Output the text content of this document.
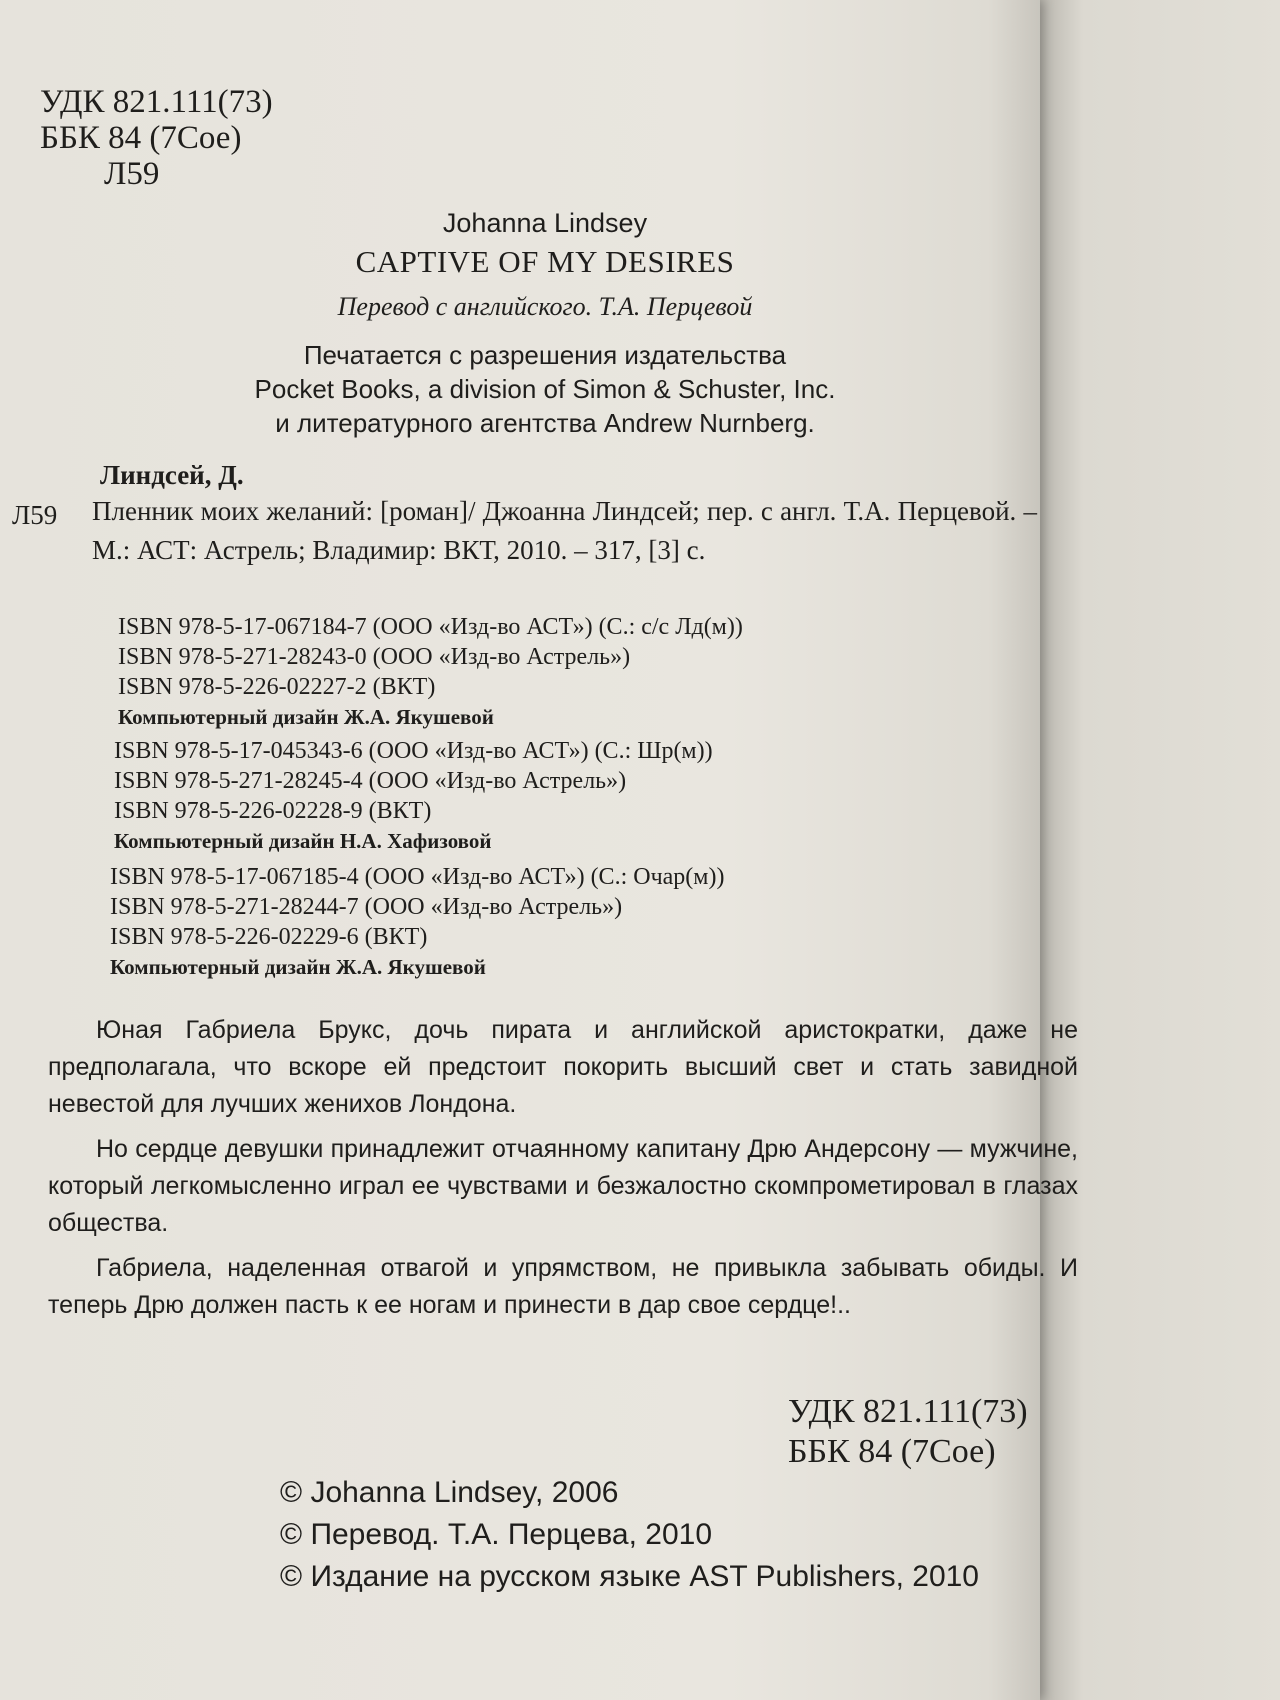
УДК 821.111(73)
ББК 84 (7Сое)
Л59
Johanna Lindsey
CAPTIVE OF MY DESIRES
Перевод с английского. Т.А. Перцевой
Печатается с разрешения издательства
Pocket Books, a division of Simon & Schuster, Inc.
и литературного агентства Andrew Nurnberg.
Линдсей, Д.
Л59 Пленник моих желаний: [роман]/ Джоанна Линдсей; пер. с англ. Т.А. Перцевой. – М.: АСТ: Астрель; Владимир: ВКТ, 2010. – 317, [3] с.
ISBN 978-5-17-067184-7 (ООО «Изд-во АСТ») (С.: с/с Лд(м))
ISBN 978-5-271-28243-0 (ООО «Изд-во Астрель»)
ISBN 978-5-226-02227-2 (ВКТ)
Компьютерный дизайн Ж.А. Якушевой
ISBN 978-5-17-045343-6 (ООО «Изд-во АСТ») (С.: Шр(м))
ISBN 978-5-271-28245-4 (ООО «Изд-во Астрель»)
ISBN 978-5-226-02228-9 (ВКТ)
Компьютерный дизайн Н.А. Хафизовой
ISBN 978-5-17-067185-4 (ООО «Изд-во АСТ») (С.: Очар(м))
ISBN 978-5-271-28244-7 (ООО «Изд-во Астрель»)
ISBN 978-5-226-02229-6 (ВКТ)
Компьютерный дизайн Ж.А. Якушевой

Юная Габриела Брукс, дочь пирата и английской аристократки, даже не предполагала, что вскоре ей предстоит покорить высший свет и стать завидной невестой для лучших женихов Лондона.

Но сердце девушки принадлежит отчаянному капитану Дрю Андерсону — мужчине, который легкомысленно играл ее чувствами и безжалостно скомпрометировал в глазах общества.

Габриела, наделенная отвагой и упрямством, не привыкла забывать обиды. И теперь Дрю должен пасть к ее ногам и принести в дар свое сердце!..

УДК 821.111(73)
ББК 84 (7Сое)
© Johanna Lindsey, 2006
© Перевод. Т.А. Перцева, 2010
© Издание на русском языке AST Publishers, 2010
